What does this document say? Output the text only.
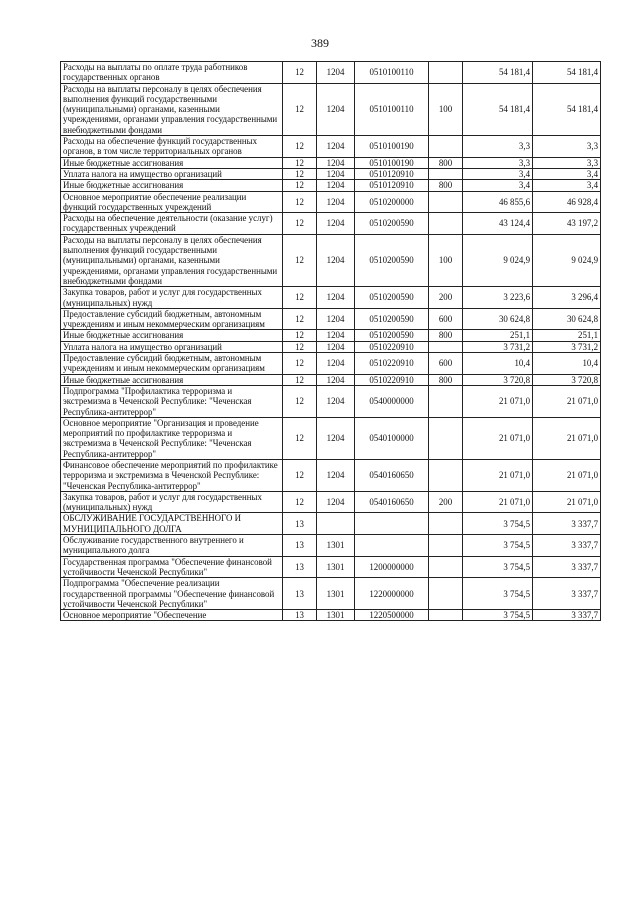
389
Расходы на выплаты по оплате труда работников государственных органов	12	1204	0510100110		54 181,4	54 181,4
Расходы на выплаты персоналу в целях обеспечения выполнения функций государственными (муниципальными) органами, казенными учреждениями, органами управления государственными внебюджетными фондами	12	1204	0510100110	100	54 181,4	54 181,4
Расходы на обеспечение функций государственных органов, в том числе территориальных органов	12	1204	0510100190		3,3	3,3
Иные бюджетные ассигнования	12	1204	0510100190	800	3,3	3,3
Уплата налога на имущество организаций	12	1204	0510120910		3,4	3,4
Иные бюджетные ассигнования	12	1204	0510120910	800	3,4	3,4
Основное мероприятие обеспечение реализации функций государственных учреждений	12	1204	0510200000		46 855,6	46 928,4
Расходы на обеспечение деятельности (оказание услуг) государственных учреждений	12	1204	0510200590		43 124,4	43 197,2
Расходы на выплаты персоналу в целях обеспечения выполнения функций государственными (муниципальными) органами, казенными учреждениями, органами управления государственными внебюджетными фондами	12	1204	0510200590	100	9 024,9	9 024,9
Закупка товаров, работ и услуг для государственных (муниципальных) нужд	12	1204	0510200590	200	3 223,6	3 296,4
Предоставление субсидий бюджетным, автономным учреждениям и иным некоммерческим организациям	12	1204	0510200590	600	30 624,8	30 624,8
Иные бюджетные ассигнования	12	1204	0510200590	800	251,1	251,1
Уплата налога на имущество организаций	12	1204	0510220910		3 731,2	3 731,2
Предоставление субсидий бюджетным, автономным учреждениям и иным некоммерческим организациям	12	1204	0510220910	600	10,4	10,4
Иные бюджетные ассигнования	12	1204	0510220910	800	3 720,8	3 720,8
Подпрограмма "Профилактика терроризма и экстремизма в Чеченской Республике: "Чеченская Республика-антитеррор"	12	1204	0540000000		21 071,0	21 071,0
Основное мероприятие "Организация и проведение мероприятий по профилактике терроризма и экстремизма в Чеченской Республике: "Чеченская Республика-антитеррор"	12	1204	0540100000		21 071,0	21 071,0
Финансовое обеспечение мероприятий по профилактике терроризма и экстремизма в Чеченской Республике: "Чеченская Республика-антитеррор"	12	1204	0540160650		21 071,0	21 071,0
Закупка товаров, работ и услуг для государственных (муниципальных) нужд	12	1204	0540160650	200	21 071,0	21 071,0
ОБСЛУЖИВАНИЕ ГОСУДАРСТВЕННОГО И МУНИЦИПАЛЬНОГО ДОЛГА	13				3 754,5	3 337,7
Обслуживание государственного внутреннего и муниципального долга	13	1301			3 754,5	3 337,7
Государственная программа "Обеспечение финансовой устойчивости Чеченской Республики"	13	1301	1200000000		3 754,5	3 337,7
Подпрограмма "Обеспечение реализации государственной программы "Обеспечение финансовой устойчивости Чеченской Республики"	13	1301	1220000000		3 754,5	3 337,7
Основное мероприятие "Обеспечение	13	1301	1220500000		3 754,5	3 337,7
